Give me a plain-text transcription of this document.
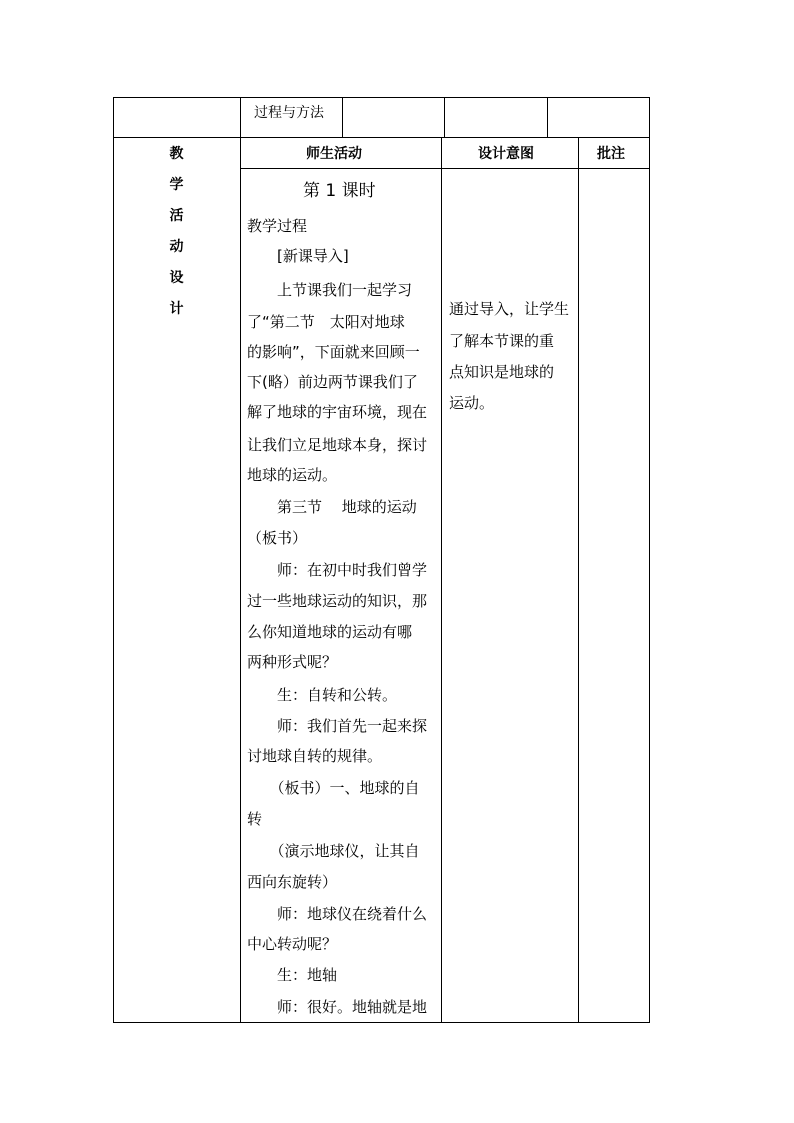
过程与方法
师生活动	设计意图	批注
教
学
活
动
设
计
第 1 课时
教学过程
　　[新课导入]
　　上节课我们一起学习
了“第二节　太阳对地球
的影响”，下面就来回顾一
下(略）前边两节课我们了
解了地球的宇宙环境，现在
让我们立足地球本身，探讨
地球的运动。
　　第三节　 地球的运动
（板书）
　　师：在初中时我们曾学
过一些地球运动的知识，那
么你知道地球的运动有哪
两种形式呢？
　　生：自转和公转。
　　师：我们首先一起来探
讨地球自转的规律。
　　（板书）一、地球的自
转
　　（演示地球仪，让其自
西向东旋转）
　　师：地球仪在绕着什么
中心转动呢？
　　生：地轴
　　师：很好。地轴就是地
通过导入，让学生
了解本节课的重
点知识是地球的
运动。
